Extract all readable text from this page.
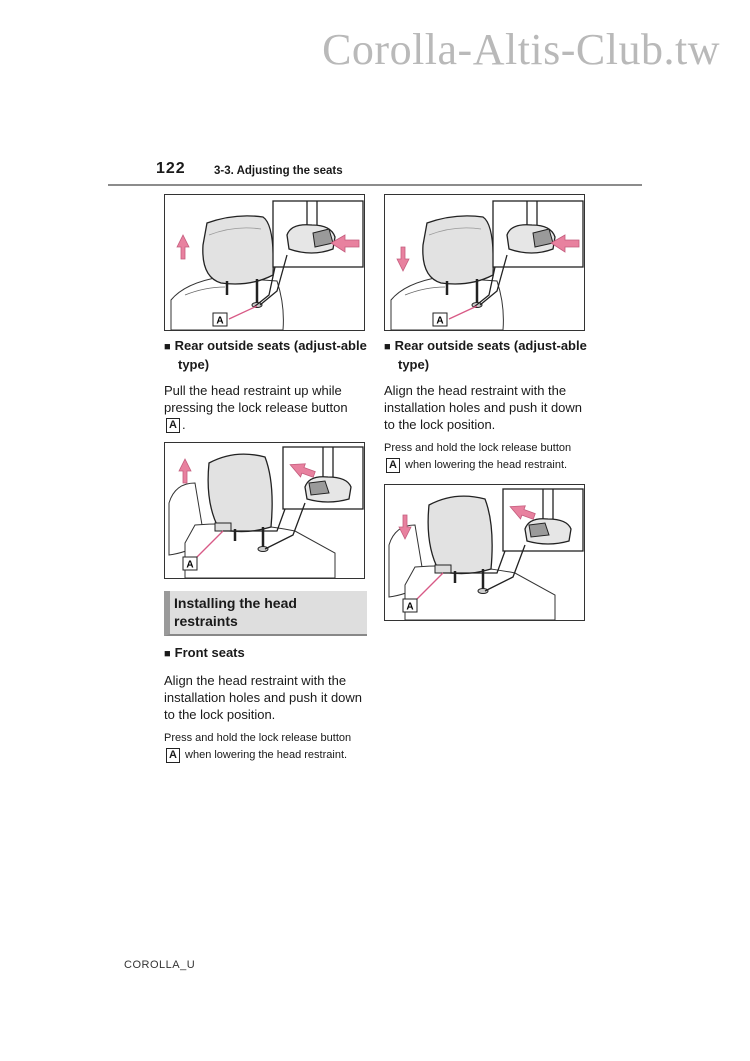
Corolla-Altis-Club.tw
122 3-3. Adjusting the seats
A
■ Rear outside seats (adjust-able type)
Pull the head restraint up while pressing the lock release button A .
A
Installing the head restraints
■ Front seats
Align the head restraint with the installation holes and push it down to the lock position.
Press and hold the lock release button A when lowering the head restraint.
A
■ Rear outside seats (adjust-able type)
Align the head restraint with the installation holes and push it down to the lock position.
Press and hold the lock release button A when lowering the head restraint.
A
COROLLA_U
